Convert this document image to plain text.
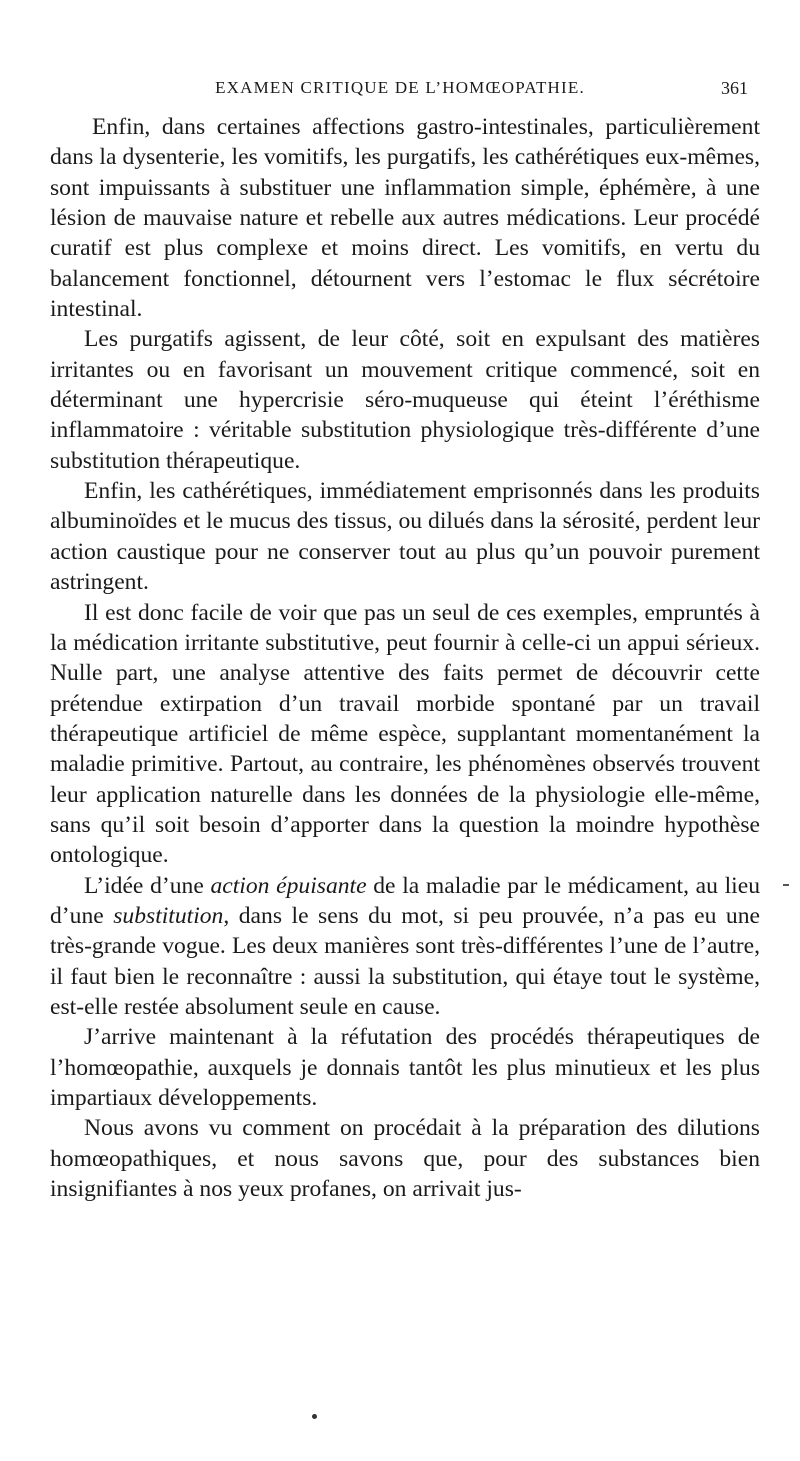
EXAMEN CRITIQUE DE L’HOMŒOPATHIE.	361

Enfin, dans certaines affections gastro-intestinales, particulièrement dans la dysenterie, les vomitifs, les purgatifs, les cathérétiques eux-mêmes, sont impuissants à substituer une inflammation simple, éphémère, à une lésion de mauvaise nature et rebelle aux autres médications. Leur procédé curatif est plus complexe et moins direct. Les vomitifs, en vertu du balancement fonctionnel, détournent vers l’estomac le flux sécrétoire intestinal.

Les purgatifs agissent, de leur côté, soit en expulsant des matières irritantes ou en favorisant un mouvement critique commencé, soit en déterminant une hypercrisie séro-muqueuse qui éteint l’éréthisme inflammatoire : véritable substitution physiologique très-différente d’une substitution thérapeutique.

Enfin, les cathérétiques, immédiatement emprisonnés dans les produits albuminoïdes et le mucus des tissus, ou dilués dans la sérosité, perdent leur action caustique pour ne conserver tout au plus qu’un pouvoir purement astringent.

Il est donc facile de voir que pas un seul de ces exemples, empruntés à la médication irritante substitutive, peut fournir à celle-ci un appui sérieux. Nulle part, une analyse attentive des faits permet de découvrir cette prétendue extirpation d’un travail morbide spontané par un travail thérapeutique artificiel de même espèce, supplantant momentanément la maladie primitive. Partout, au contraire, les phénomènes observés trouvent leur application naturelle dans les données de la physiologie elle-même, sans qu’il soit besoin d’apporter dans la question la moindre hypothèse ontologique.

L’idée d’une action épuisante de la maladie par le médicament, au lieu d’une substitution, dans le sens du mot, si peu prouvée, n’a pas eu une très-grande vogue. Les deux manières sont très-différentes l’une de l’autre, il faut bien le reconnaître : aussi la substitution, qui étaye tout le système, est-elle restée absolument seule en cause.

J’arrive maintenant à la réfutation des procédés thérapeutiques de l’homœopathie, auxquels je donnais tantôt les plus minutieux et les plus impartiaux développements.

Nous avons vu comment on procédait à la préparation des dilutions homœopathiques, et nous savons que, pour des substances bien insignifiantes à nos yeux profanes, on arrivait jus-
